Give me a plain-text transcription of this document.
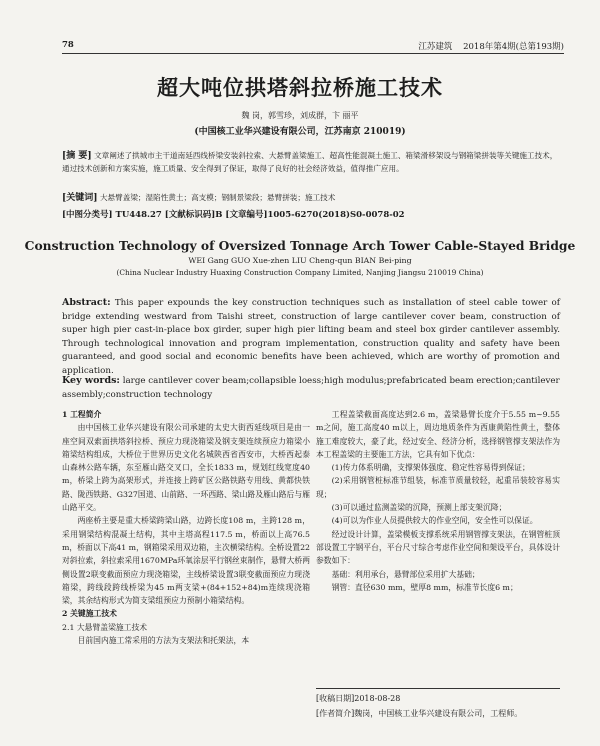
78	江苏建筑 2018年第4期(总第193期)
超大吨位拱塔斜拉桥施工技术
魏 岗，郭雪珍，刘成群，卞 丽平
(中国核工业华兴建设有限公司，江苏南京 210019)
[摘 要] 文章阐述了拱城市主干道南延西线桥梁安装斜拉索、大悬臂盖梁施工、超高性能混凝土施工、箱梁滑移架设与钢箱梁拼装等关键施工技术，通过技术创新和方案实施，施工质量、安全得到了保证，取得了良好的社会经济效益，值得推广应用。
[关键词] 大悬臂盖梁；湿陷性黄土；高支模；钢制景梁段；悬臂拼装；施工技术
[中图分类号] TU448.27 [文献标识码]B [文章编号]1005-6270(2018)S0-0078-02
Construction Technology of Oversized Tonnage Arch Tower Cable-Stayed Bridge
WEI Gang GUO Xue-zhen LIU Cheng-qun BIAN Bei-ping
(China Nuclear Industry Huaxing Construction Company Limited, Nanjing Jiangsu 210019 China)
Abstract: This paper expounds the key construction techniques such as installation of steel cable tower of bridge extending westward from Taishi street, construction of large cantilever cover beam, construction of super high pier cast-in-place box girder, super high pier lifting beam and steel box girder cantilever assembly. Through technological innovation and program implementation, construction quality and safety have been guaranteed, and good social and economic benefits have been achieved, which are worthy of promotion and application.
Key words: large cantilever cover beam;collapsible loess;high modulus;prefabricated beam erection;cantilever assembly;construction technology

1 工程简介

由中国核工业华兴建设有限公司承建的太史大街西延线项目是由一座空间双索面拱塔斜拉桥、预应力现浇箱梁及钢支架连续预应力箱梁小箱梁结构组成，大桥位于世界历史文化名城陕西省西安市，大桥西起泰山森林公路车辆，东至雁山路交叉口，全长1833 m，规划红线宽度40 m，桥梁上跨为高架形式，并连接上跨矿区公路铁路专用线、黄都快铁路、陇西铁路、G327国道、山前路、一环西路、梁山路及雁山路后与雁山路平交。

两座桥主要是重大桥梁跨梁山路，边跨长度108 m，主跨128 m，采用钢梁结构混凝土结构，其中主塔高程117.5 m，桥面以上高76.5 m，桥面以下高41 m，钢箱梁采用双边箱，主次横梁结构。全桥设置22对斜拉索，斜拉索采用1670MPa环氧涂层平行钢丝束制作，悬臂大桥两侧设置2联变截面预应力现浇箱梁，主线桥梁设置3联变截面预应力现浇箱梁，跨线段跨线桥梁为45 m两支梁+(84+152+84)m连续现浇箱梁，其余结构形式为简支梁组预应力预制小箱梁结构。

2 关键施工技术

2.1 大悬臂盖梁施工技术

目前国内施工常采用的方法为支架法和托架法，本

工程盖梁截面高度达到2.6 m，盖梁悬臂长度介于5.55 m~9.55 m之间，施工高度40 m以上，周边地质条件为西康黄陷性黄土，整体施工难度较大，豪了此，经过安全、经济分析，选择钢管撑支架法作为本工程盖梁的主要施工方法，它具有如下优点：

(1)传力体系明确，支撑架体强度、稳定性容易得到保证；

(2)采用钢管桩标准节组装，标准节质量较轻，起重吊装较容易实现；

(3)可以通过监测盖梁的沉降，预测上部支架沉降；

(4)可以为作业人员提供较大的作业空间，安全性可以保证。

经过设计计算，盖梁模板支撑系统采用钢管撑支架法，在钢管桩顶部设置工字钢平台，平台尺寸综合考虑作业空间和架设平台，具体设计参数如下：

基础：利用承台，悬臂部位采用扩大基础；

钢管：直径630 mm，壁厚8 mm，标准节长度6 m；

[收稿日期]2018-08-28
[作者简介]魏岗，中国核工业华兴建设有限公司，工程师。
